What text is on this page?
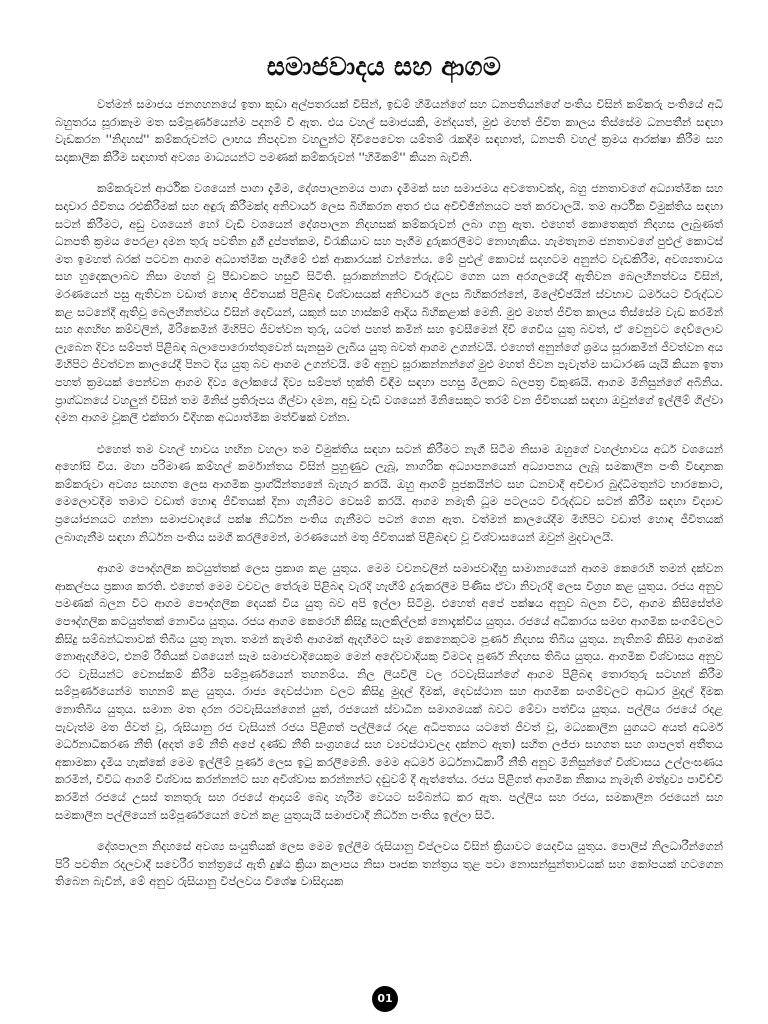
සමාජවාදය සහ ආගම

වත්මන් සමාජය ජනගහනයේ ඉතා කුඩා අල්පතරයක් විසින්, ඉඩම් හිමියන්ගේ සහ ධනපතියන්ගේ පංතිය විසින් කම්කරු පංතියේ අධි බහුතරය සූරාකෑම මත සම්පූර්ණයෙන්ම පදනම් වී ඇත. එය වහල් සමාජයකි, මන්දයත්, මුළු මහත් ජීවිත කාලය තිස්සේම ධනපතීන් සඳහා වැඩකරන ''නිදහස්'' කම්කරුවන්ට ලාභය නිපදවන වහලුන්ට දිවිපෙවෙත යම්තම් රැකදීම සඳහාත්, ධනපති වහල් ක්‍රමය ආරක්ෂා කිරීම සහ සදාකාලික කිරීම සඳහාත් අවශ්‍ය මාධ්‍යයන්ට පමණක් කම්කරුවන් ''හිමිකම්'' කියන බැවිනි.

කම්කරුවන් ආර්ථික වශයෙන් පාගා දැමීම, දේශපාලනමය පාගා දැමීමක් සහ සමාජමය අවතොවක්ද, බහු ජනතාවගේ අධ්‍යාත්මික සහ සදාචාර ජීවිතය රළුකිරීමක් සහ අඳුරු කිරීමක්ද අනිවාර්ය ලෙස බිහිකරන අතර එය අවිච්ඡින්නයට පත් කරවාලයි. තම ආර්ථික විමුක්තිය සඳහා සටන් කිරීමට, අඩු වශයෙන් හෝ වැඩි වශයෙන් දේශපාලන නිදහසක් කම්කරුවන් ලබා ගනු ඇත. එහෙත් කොතෙකුත් නිදහස ලැබුණත් ධනපති ක්‍රමය පෙරළා දමන තුරු පවතින දුගී දුප්පත්කම, විරැකියාව සහ පෑගීම දුරුකරලීමට නොහැකිය. හැමතැනම ජනතාවගේ පුළුල් කොටස් මත ඉමහත් බරක් පටවන ආගම අධ්‍යාත්මික පෑගීමේ එක් ආකාරයක් වන්නේය. මේ පුළුල් කොටස් සදහටම අනුන්ට වැඩකිරීම, අවශ්‍යතාවය සහ හුදෙකලාබව නිසා මහත් වූ පීඩාවකට හසුවී සිටිති. සූරාකන්නන්ට විරුද්ධව ගෙන යන අරගලයේදී ඇතිවන බෙලහීනත්වය විසින්, මරණයෙන් පසු ඇතිවන වඩාත් හොඳ ජීවිතයක් පිළිබඳ විශ්වාසයක් අනිවාර්ය ලෙස බිහිකරන්නේ, මිලේච්ඡයින් ස්වභාව ධර්මයට විරුද්ධව කළ සටනේදී ඇතිවූ බෙලහීනත්වය විසින් දෙවියන්, යකුන් සහ හාස්කම් ආදිය බිහිකළාක් මෙනි. මුළු මහත් ජීවිත කාලය තිස්සේම වැඩ කරමින් සහ අගහිඟ කම්වලින්, මිරිකෙමින් මිහිපිට ජීවත්වන තුරු, යටත් පහත් කමින් සහ ඉවසීමෙන් දිවි ගෙවිය යුතු බවත්, ඒ වෙනුවට දෙව්ලොව ලැබෙන දිව්‍ය සම්පත් පිළිබඳ බලාපොරොත්තුවෙන් සැනසුම ලැබිය යුතු බවත් ආගම උගන්වයි. එහෙත් අනුන්ගේ ශ්‍රමය සූරාකමින් ජීවත්වන අය මිහිපිට ජීවත්වන කාලයේදී පිනට දිය යුතු බව ආගම උගන්වයි. මේ අනුව සූරාකන්නන්ගේ මුළු මහත් ජීවන පැවැත්ම සාධාරණ යැයි කියන ඉතා පහත් ක්‍රමයක් පෙන්වන ආගම දිව්‍ය ලෝකයේ දිව්‍ය සම්පත් භුක්ති විඳීම සඳහා පහසු මිලකට බලපත්‍ර විකුණයි. ආගම මිනිසුන්ගේ අබිනිය. ප්‍රාග්ධනයේ වහලුන් විසින් තම මිනිස් ප්‍රතිරූපය ගිල්වා දමන, අඩු වැඩි වශයෙන් මිනිසෙකුට තරම් වන ජීවිතයක් සඳහා ඔවුන්ගේ ඉල්ලීම් ගිල්වා දමන ආගම වූකලී එක්තරා විදිහක අධ්‍යාත්මික මත්විෂක් වන්න.

එහෙත් තම වහල් භාවය හඟින වහලා තම විමුක්තිය සඳහා සටන් කිරීමට නැගී සිටීම නිසාම ඔහුගේ වහල්භාවය අර්ධ වශයෙන් අහෝසි විය. මහා පරිමාණ කම්හල් කර්මාන්තය විසින් පුහුණුව ලැබූ, නාගරික අධ්‍යාපනයෙන් අධ්‍යාපනය ලැබූ සමකාලීන පංති විඥානක කම්කරුවා අවශ්‍ය සහගත ලෙස ආගමික ප්‍රාග්ඨින්ත්‍යනේ බැහැර කරයි. ඔහු ආගම් පූජකයින්ට සහ ධනවාදී අවිචාර බුද්ධිමතුන්ට භාරකොට, මෙලොවදීම තමාට වඩාත් හොඳ ජීවිතයක් දිනා ගැනීමට වෙසම් කරයි. ආගම නමැති ධූම පටලයට විරුද්ධව සටන් කිරීම සඳහා විද්‍යාව ප්‍රයෝජනයට ගන්නා සමාජවාදයේ පක්ෂ නිර්ධන පංතිය ගැනීමට පටන් ගෙන ඇත. වත්මන් කාලයේදීම මිහිපිට වඩාත් හොඳ ජීවිතයක් ලබාගැනීම සඳහා නිර්ධන පංතිය සමගි කරලීමෙන්, මරණයෙන් මතු ජීවිතයක් පිළිබඳව වූ විශ්වාසයෙන් ඔවුන් මුදවාලයි.

ආගම පෞද්ගලික කටයුත්තක් ලෙස ප්‍රකාශ කළ යුතුය. මෙම වචනවලින් සමාජවාදීහු සාමාන්‍යයෙන් ආගම කෙරෙහි තමන් දක්වන ආකල්පය ප්‍රකාශ කරති. එහෙත් මෙම වචවල තේරුම පිළිබඳ වැරදි හැඟීම් දුරුකරලීම පිණිස ඒවා නිවැරදි ලෙස විග්‍රහ කළ යුතුය. රජය අනුව පමණක් බලන විට ආගම පෞද්ගලික දෙයක් විය යුතු බව අපි ඉල්ලා සිටිමු. එහෙත් අපේ පක්ෂය අනුව බලන විට, ආගම කිසිසේත්ම පෞද්ගලික කටයුත්තක් නොවිය යුතුය. රජය ආගම කෙරෙහි කිසිදු සැලකිල්ලක් නොදැක්විය යුතුය. රජයේ අධිකාරය සමඟ ආගමික සංගම්වලට කිසිදු සම්බන්ධතාවක් තිබිය යුතු නැත. තමන් කැමති ආගමක් ඇදහීමට සෑම කෙනෙකුටම පූර්ණ නිදහස තිබිය යුතුය. නැතිනම් කිසිම ආගමක් නොඇදහීමට, එනම් රීතියක් වශයෙන් සෑම සමාජවාදියෙකුම මෙන් අදේවවාදියකු වීමටද පූර්ණ නිදහස තිබිය යුතුය. ආගමික විශ්වාසය අනුව රට වැසියන්ට වෙනස්කම් කිරීම සම්පූර්ණයෙන් තහනම්ය. නිල ලියවිලි වල රටවැසියන්ගේ ආගම පිළිබඳ තොරතුරු සටහන් කිරීම සම්පූර්ණයෙන්ම තහනම් කළ යුතුය. රාජ්‍ය දෙවස්ථාන වලට කිසිදු මුදල් දීමක්, දෙවස්ථාන සහ ආගමික සංගම්වලට ආධාර මුදල් දීමක නොතිබිය යුතුය. සමාන මත දරන රටවැසියන්ගෙන් යුත්, රජයෙන් ස්වාධීන සමාගමයක් බවට මේවා පත්විය යුතුය. පල්ලිය රජයේ රදළ පැවැත්ම මත ජීවත් වූ, රුසියානු රජ වැසියන් රජය පිළිගත් පල්ලියේ රදළ අධිපත්‍යය යටතේ ජීවත් වූ, මධ්‍යකාලීන යුගයට අයත් අධර්ම මර්ධනාධිකරණ නීති (අදත් මේ නීති අපේ දණ්ඩ නීති සංග්‍රහයේ සහ ව්‍යවස්ථාවලද දක්නට ඇත) සහිත ලජ්ජා සහගත සහ ශාපලත් අතීතය අකාමකා දැමිය හැක්කේ මෙම ඉල්ලීම් පූර්ණ ලෙස ඉටු කරලීමෙනි. මෙම අධර්ම මර්ධනාධිකාරී නීති අනුව මිනිසුන්ගේ විශ්වාසය උල්ලංඝණය කරමින්, විවිධ ආගම් විශ්වාස කරන්නන්ට සහ අවිශ්වාස කරන්නන්ට දඬුවම් දී ඇත්තේය. රජය පිළිගත් ආගමික නිකාය නැමැති මත්ද්‍රව්‍ය පාවිච්චි කරමින් රජයේ උසස් තනතුරු සහ රජයේ ආදායම් බෙදා හැරීම වෙයට සම්බන්ධ කර ඇත. පල්ලිය සහ රජය, සමකාලීන රජයෙන් සහ සමකාලීන පල්ලියෙන් සම්පූර්ණයෙන් වෙන් කළ යුතුයැයි සමාජවාදී නිර්ධන පංතිය ඉල්ලා සිටී.

දේශපාලන නිදහසේ අවශ්‍ය සංයුතියක් ලෙස මෙම ඉල්ලීම රුසියානු විප්ලවය විසින් ක්‍රියාවට යෙදවිය යුතුය. පොලිස් නිලධාරීන්ගෙන් පිරි පවතින රදලවාදී සවෙරීර තන්ත්‍රයේ ඇති දුෂ්ඨ ක්‍රියා කලාපය නිසා ප්‍රුජක තන්ත්‍රය තුළ පවා නොසන්සුන්තාවයක් සහ කෝපයක් හටගෙන තිබෙන බැවින්, මේ අනුව රුසියානු විප්ලවය විශේෂ වාසිදායක

01
